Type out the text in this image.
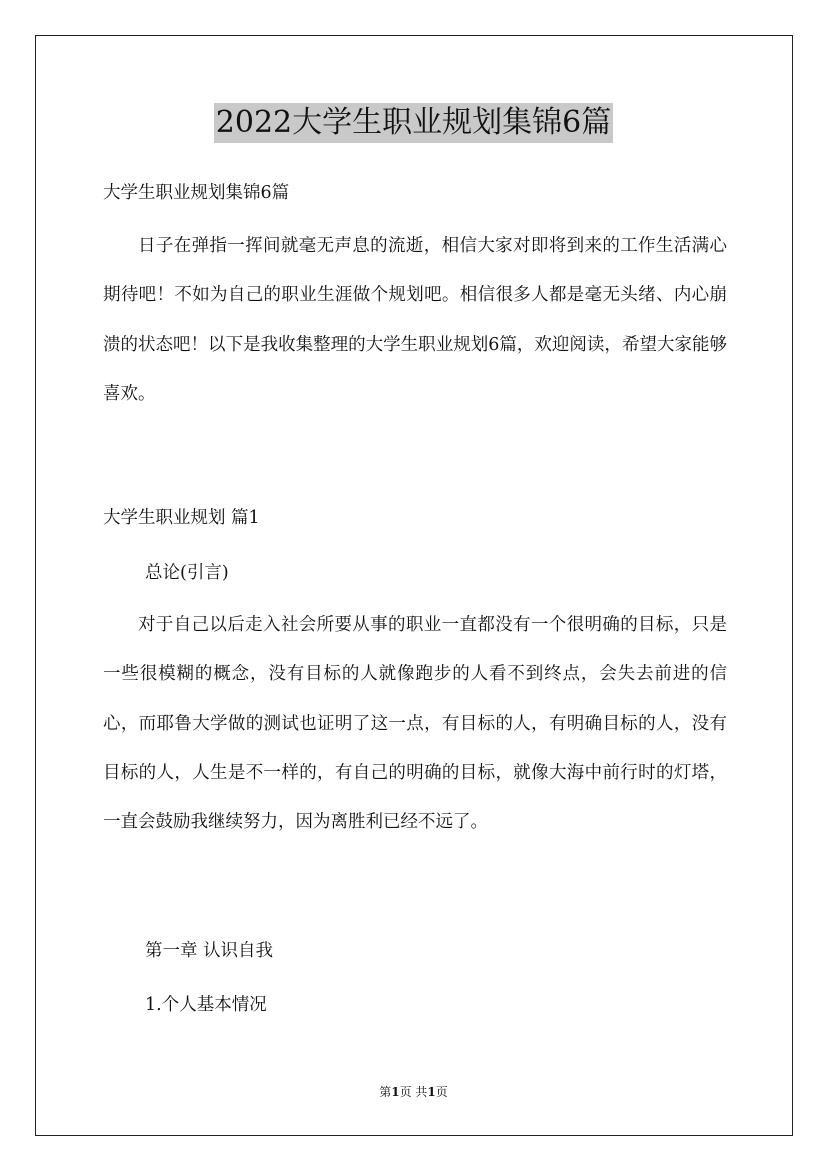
2022大学生职业规划集锦6篇

大学生职业规划集锦6篇

日子在弹指一挥间就毫无声息的流逝，相信大家对即将到来的工作生活满心期待吧！不如为自己的职业生涯做个规划吧。相信很多人都是毫无头绪、内心崩溃的状态吧！以下是我收集整理的大学生职业规划6篇，欢迎阅读，希望大家能够喜欢。

大学生职业规划 篇1

总论(引言)

对于自己以后走入社会所要从事的职业一直都没有一个很明确的目标，只是一些很模糊的概念，没有目标的人就像跑步的人看不到终点，会失去前进的信心，而耶鲁大学做的测试也证明了这一点，有目标的人，有明确目标的人，没有目标的人，人生是不一样的，有自己的明确的目标，就像大海中前行时的灯塔，一直会鼓励我继续努力，因为离胜利已经不远了。

第一章 认识自我

1.个人基本情况

第1页 共1页
